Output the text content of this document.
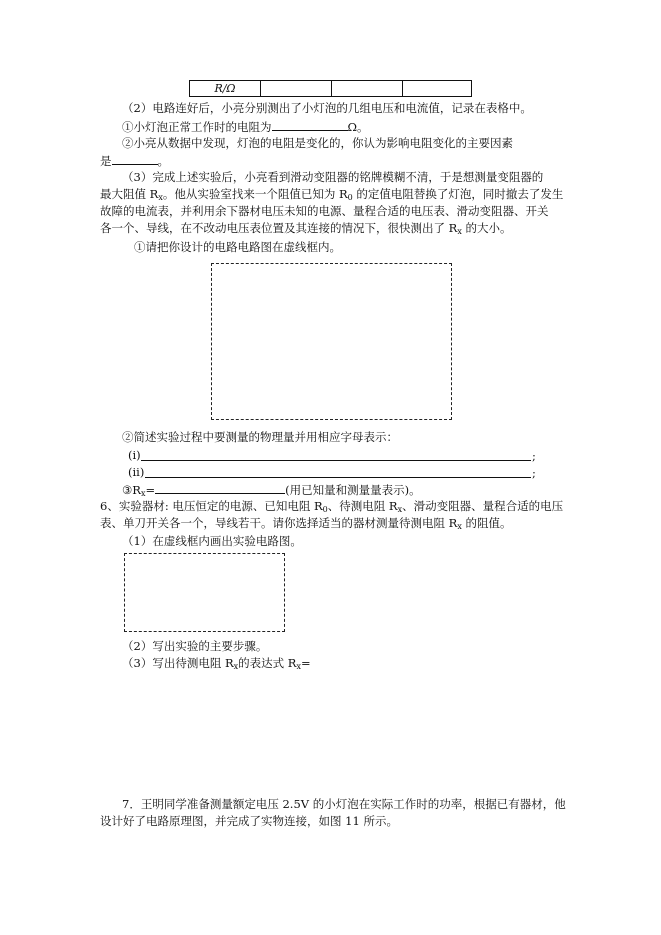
R/Ω			
（2）电路连好后，小亮分别测出了小灯泡的几组电压和电流值，记录在表格中。
①小灯泡正常工作时的电阻为	Ω。
②小亮从数据中发现，灯泡的电阻是变化的，你认为影响电阻变化的主要因素
是	。
（3）完成上述实验后，小亮看到滑动变阻器的铭牌模糊不清，于是想测量变阻器的
最大阻值 $R_x$。他从实验室找来一个阻值已知为 $R_0$ 的定值电阻替换了灯泡，同时撤去了发生
故障的电流表，并利用余下器材电压未知的电源、量程合适的电压表、滑动变阻器、开关
各一个、导线，在不改动电压表位置及其连接的情况下，很快测出了 $R_x$ 的大小。
①请把你设计的电路电路图在虚线框内。
②简述实验过程中要测量的物理量并用相应字母表示：
(i)	;
(ii)	;
$③R_x=$	(用已知量和测量量表示)。
6、实验器材: 电压恒定的电源、已知电阻 $R_0$、待测电阻 $R_x$、滑动变阻器、量程合适的电压
表、单刀开关各一个，导线若干。请你选择适当的器材测量待测电阻 $R_x$ 的阻值。
（1）在虚线框内画出实验电路图。
（2）写出实验的主要步骤。
（3）写出待测电阻 $R_x$的表达式 $R_x=$
7．王明同学准备测量额定电压 2.5V 的小灯泡在实际工作时的功率，根据已有器材，他
设计好了电路原理图，并完成了实物连接，如图 11 所示。
